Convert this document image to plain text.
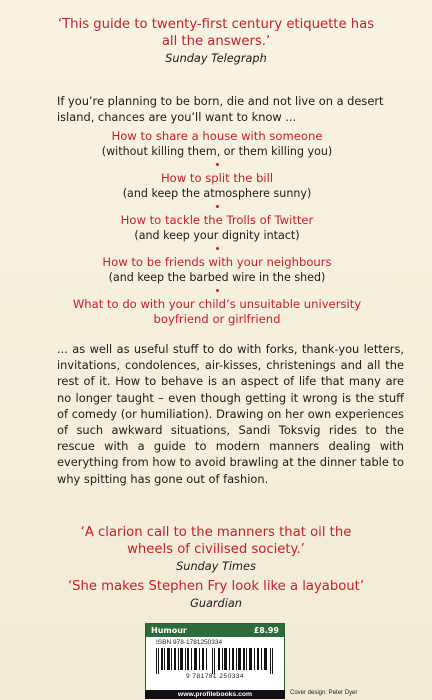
‘This guide to twenty-first century etiquette has
all the answers.’
Sunday Telegraph
If you’re planning to be born, die and not live on a desert island, chances are you’ll want to know ...
How to share a house with someone
(without killing them, or them killing you)
How to split the bill
(and keep the atmosphere sunny)
How to tackle the Trolls of Twitter
(and keep your dignity intact)
How to be friends with your neighbours
(and keep the barbed wire in the shed)
What to do with your child’s unsuitable university
boyfriend or girlfriend
... as well as useful stuff to do with forks, thank-you letters, invitations, condolences, air-kisses, christenings and all the rest of it. How to behave is an aspect of life that many are no longer taught – even though getting it wrong is the stuff of comedy (or humiliation). Drawing on her own experiences of such awkward situations, Sandi Toksvig rides to the rescue with a guide to modern manners dealing with everything from how to avoid brawling at the dinner table to why spitting has gone out of fashion.
‘A clarion call to the manners that oil the
wheels of civilised society.’
Sunday Times
‘She makes Stephen Fry look like a layabout’
Guardian
Humour	£8.99
ISBN 978-1781250334
9 781781 250334
www.profilebooks.com	Cover design: Peter Dyer
